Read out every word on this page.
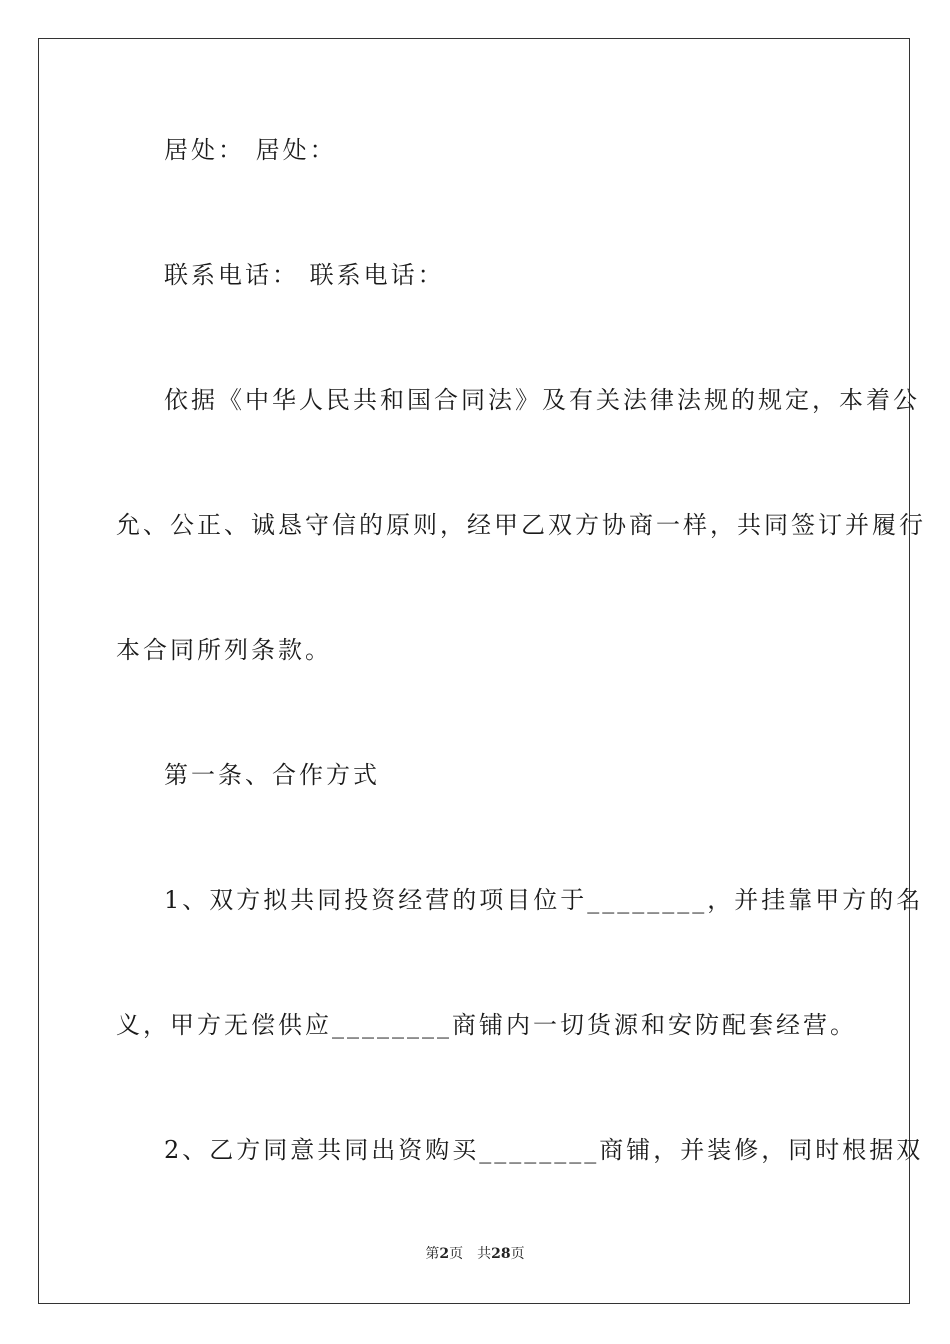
居处： 居处：
联系电话： 联系电话：
依据《中华人民共和国合同法》及有关法律法规的规定，本着公
允、公正、诚恳守信的原则，经甲乙双方协商一样，共同签订并履行
本合同所列条款。
第一条、合作方式
1、双方拟共同投资经营的项目位于________，并挂靠甲方的名
义，甲方无偿供应________商铺内一切货源和安防配套经营。
2、乙方同意共同出资购买________商铺，并装修，同时根据双
第2页 共28页
